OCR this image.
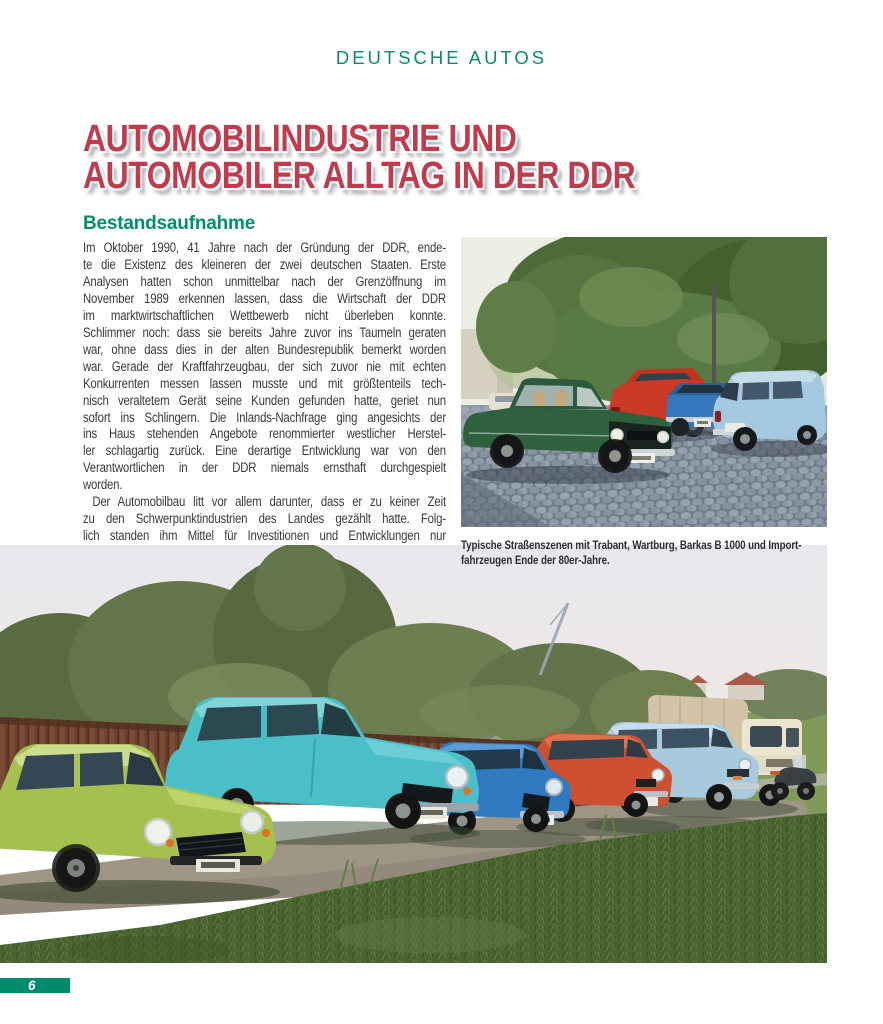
DEUTSCHE AUTOS
AUTOMOBILINDUSTRIE UND
AUTOMOBILER ALLTAG IN DER DDR
Bestandsaufnahme
Im Oktober 1990, 41 Jahre nach der Gründung der DDR, ende-
te die Existenz des kleineren der zwei deutschen Staaten. Erste
Analysen hatten schon unmittelbar nach der Grenzöffnung im
November 1989 erkennen lassen, dass die Wirtschaft der DDR
im marktwirtschaftlichen Wettbewerb nicht überleben konnte.
Schlimmer noch: dass sie bereits Jahre zuvor ins Taumeln geraten
war, ohne dass dies in der alten Bundesrepublik bemerkt worden
war. Gerade der Kraftfahrzeugbau, der sich zuvor nie mit echten
Konkurrenten messen lassen musste und mit größtenteils tech-
nisch veraltetem Gerät seine Kunden gefunden hatte, geriet nun
sofort ins Schlingern. Die Inlands-Nachfrage ging angesichts der
ins Haus stehenden Angebote renommierter westlicher Herstel-
ler schlagartig zurück. Eine derartige Entwicklung war von den
Verantwortlichen in der DDR niemals ernsthaft durchgespielt
worden.
Der Automobilbau litt vor allem darunter, dass er zu keiner Zeit
zu den Schwerpunktindustrien des Landes gezählt hatte. Folg-
lich standen ihm Mittel für Investitionen und Entwicklungen nur
Typische Straßenszenen mit Trabant, Wartburg, Barkas B 1000 und Import-
fahrzeugen Ende der 80er-Jahre.
6
